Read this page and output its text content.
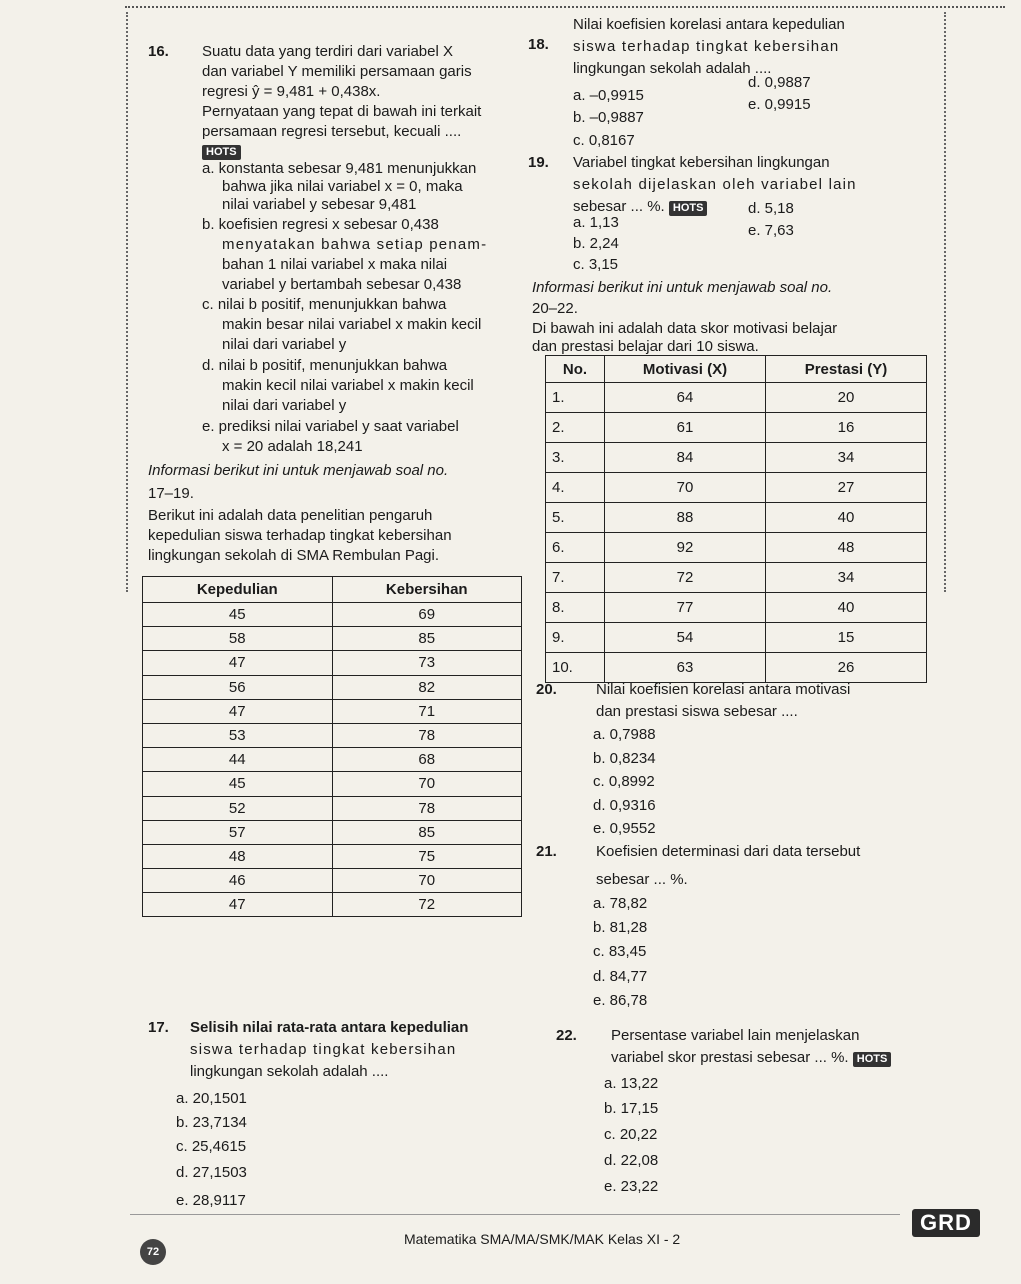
16. Suatu data yang terdiri dari variabel X
dan variabel Y memiliki persamaan garis
regresi ŷ = 9,481 + 0,438x.
Pernyataan yang tepat di bawah ini terkait
persamaan regresi tersebut, kecuali ....
HOTS
a. konstanta sebesar 9,481 menunjukkan
bahwa jika nilai variabel x = 0, maka
nilai variabel y sebesar 9,481
b. koefisien regresi x sebesar 0,438
menyatakan bahwa setiap penam-
bahan 1 nilai variabel x maka nilai
variabel y bertambah sebesar 0,438
c. nilai b positif, menunjukkan bahwa
makin besar nilai variabel x makin kecil
nilai dari variabel y
d. nilai b positif, menunjukkan bahwa
makin kecil nilai variabel x makin kecil
nilai dari variabel y
e. prediksi nilai variabel y saat variabel
x = 20 adalah 18,241
Informasi berikut ini untuk menjawab soal no.
17–19.
Berikut ini adalah data penelitian pengaruh
kepedulian siswa terhadap tingkat kebersihan
lingkungan sekolah di SMA Rembulan Pagi.
Kepedulian	Kebersihan
45	69
58	85
47	73
56	82
47	71
53	78
44	68
45	70
52	78
57	85
48	75
46	70
47	72
17. Selisih nilai rata-rata antara kepedulian
siswa terhadap tingkat kebersihan
lingkungan sekolah adalah ....
a. 20,1501
b. 23,7134
c. 25,4615
d. 27,1503
e. 28,9117
18.
Nilai koefisien korelasi antara kepedulian
siswa terhadap tingkat kebersihan
lingkungan sekolah adalah ....
a. –0,9915
b. –0,9887
c. 0,8167
d. 0,9887
e. 0,9915
19. Variabel tingkat kebersihan lingkungan
sekolah dijelaskan oleh variabel lain
sebesar ... %. HOTS
a. 1,13
b. 2,24
c. 3,15
d. 5,18
e. 7,63
Informasi berikut ini untuk menjawab soal no.
20–22.
Di bawah ini adalah data skor motivasi belajar
dan prestasi belajar dari 10 siswa.
No.	Motivasi (X)	Prestasi (Y)
1.	64	20
2.	61	16
3.	84	34
4.	70	27
5.	88	40
6.	92	48
7.	72	34
8.	77	40
9.	54	15
10.	63	26
20.	Nilai koefisien korelasi antara motivasi
dan prestasi siswa sebesar ....
a. 0,7988
b. 0,8234
c. 0,8992
d. 0,9316
e. 0,9552
21.	Koefisien determinasi dari data tersebut
sebesar ... %.
a. 78,82
b. 81,28
c. 83,45
d. 84,77
e. 86,78
22. Persentase variabel lain menjelaskan
variabel skor prestasi sebesar ... %. HOTS
a. 13,22
b. 17,15
c. 20,22
d. 22,08
e. 23,22
72
Matematika SMA/MA/SMK/MAK Kelas XI - 2
GRD
